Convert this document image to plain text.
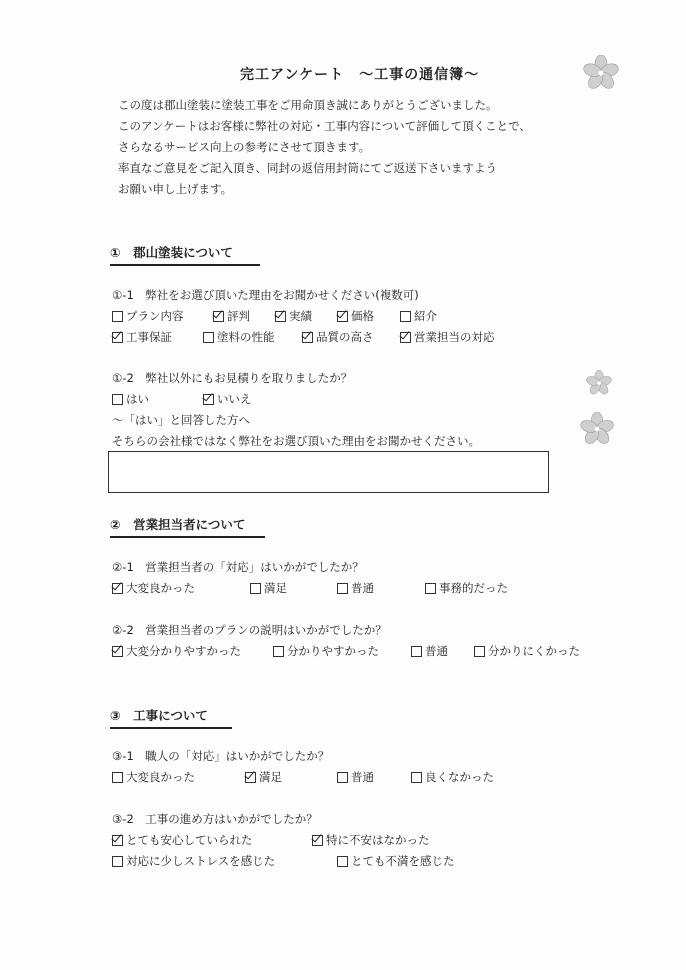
完工アンケート　～工事の通信簿～
この度は郡山塗装に塗装工事をご用命頂き誠にありがとうございました。
このアンケートはお客様に弊社の対応・工事内容について評価して頂くことで、
さらなるサービス向上の参考にさせて頂きます。
率直なご意見をご記入頂き、同封の返信用封筒にてご返送下さいますよう
お願い申し上げます。
①　郡山塗装について
①-1　弊社をお選び頂いた理由をお聞かせください(複数可)
プラン内容	評判	実績	価格	紹介
工事保証	塗料の性能	品質の高さ	営業担当の対応
①-2　弊社以外にもお見積りを取りましたか？
はい	いいえ
～「はい」と回答した方へ
そちらの会社様ではなく弊社をお選び頂いた理由をお聞かせください。
②　営業担当者について
②-1　営業担当者の「対応」はいかがでしたか？
大変良かった	満足	普通	事務的だった
②-2　営業担当者のプランの説明はいかがでしたか？
大変分かりやすかった	分かりやすかった	普通	分かりにくかった
③　工事について
③-1　職人の「対応」はいかがでしたか？
大変良かった	満足	普通	良くなかった
③-2　工事の進め方はいかがでしたか？
とても安心していられた	特に不安はなかった
対応に少しストレスを感じた	とても不満を感じた
